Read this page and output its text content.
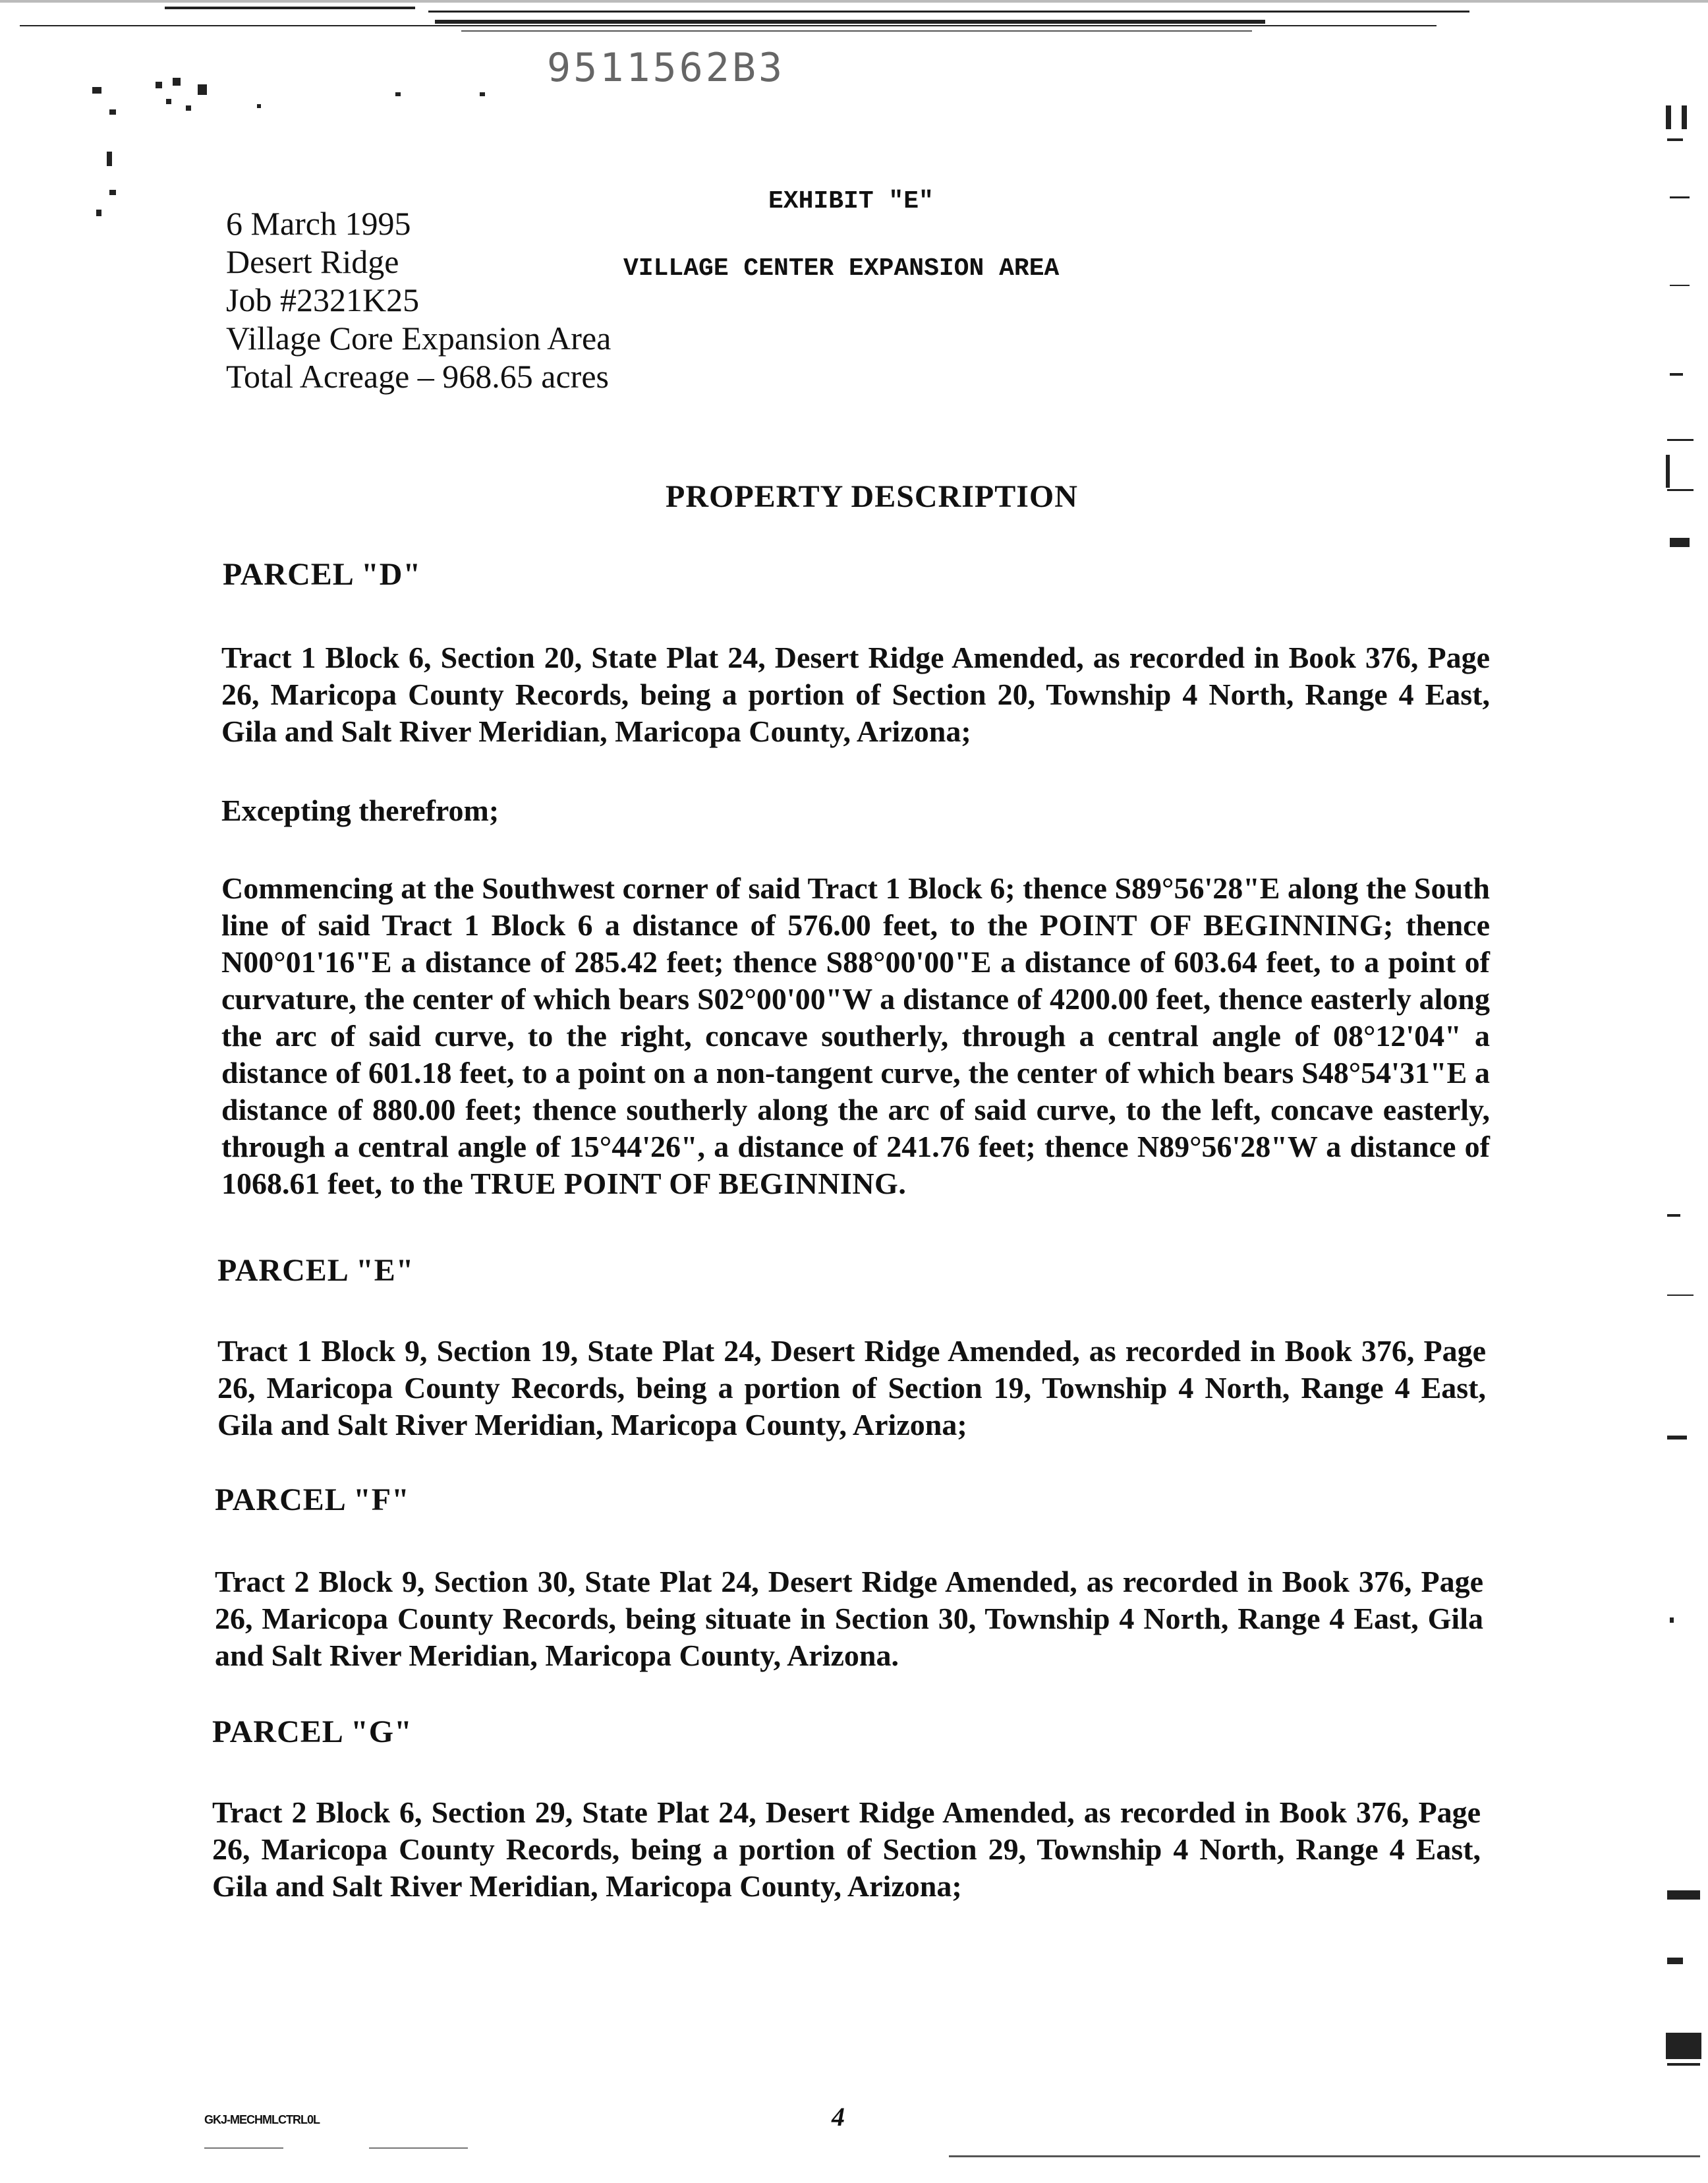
9511562B3
EXHIBIT "E"
VILLAGE CENTER EXPANSION AREA
6 March 1995
Desert Ridge
Job #2321K25
Village Core Expansion Area
Total Acreage – 968.65 acres
PROPERTY DESCRIPTION
PARCEL "D"
Tract 1 Block 6, Section 20, State Plat 24, Desert Ridge Amended, as recorded in Book 376, Page 26, Maricopa County Records, being a portion of Section 20, Township 4 North, Range 4 East, Gila and Salt River Meridian, Maricopa County, Arizona;
Excepting therefrom;
Commencing at the Southwest corner of said Tract 1 Block 6; thence S89°56'28"E along the South line of said Tract 1 Block 6 a distance of 576.00 feet, to the POINT OF BEGINNING; thence N00°01'16"E a distance of 285.42 feet; thence S88°00'00"E a distance of 603.64 feet, to a point of curvature, the center of which bears S02°00'00"W a distance of 4200.00 feet, thence easterly along the arc of said curve, to the right, concave southerly, through a central angle of 08°12'04" a distance of 601.18 feet, to a point on a non-tangent curve, the center of which bears S48°54'31"E a distance of 880.00 feet; thence southerly along the arc of said curve, to the left, concave easterly, through a central angle of 15°44'26", a distance of 241.76 feet; thence N89°56'28"W a distance of 1068.61 feet, to the TRUE POINT OF BEGINNING.
PARCEL "E"
Tract 1 Block 9, Section 19, State Plat 24, Desert Ridge Amended, as recorded in Book 376, Page 26, Maricopa County Records, being a portion of Section 19, Township 4 North, Range 4 East, Gila and Salt River Meridian, Maricopa County, Arizona;
PARCEL "F"
Tract 2 Block 9, Section 30, State Plat 24, Desert Ridge Amended, as recorded in Book 376, Page 26, Maricopa County Records, being situate in Section 30, Township 4 North, Range 4 East, Gila and Salt River Meridian, Maricopa County, Arizona.
PARCEL "G"
Tract 2 Block 6, Section 29, State Plat 24, Desert Ridge Amended, as recorded in Book 376, Page 26, Maricopa County Records, being a portion of Section 29, Township 4 North, Range 4 East, Gila and Salt River Meridian, Maricopa County, Arizona;
GKJ-MECHMLCTRL0L	4
